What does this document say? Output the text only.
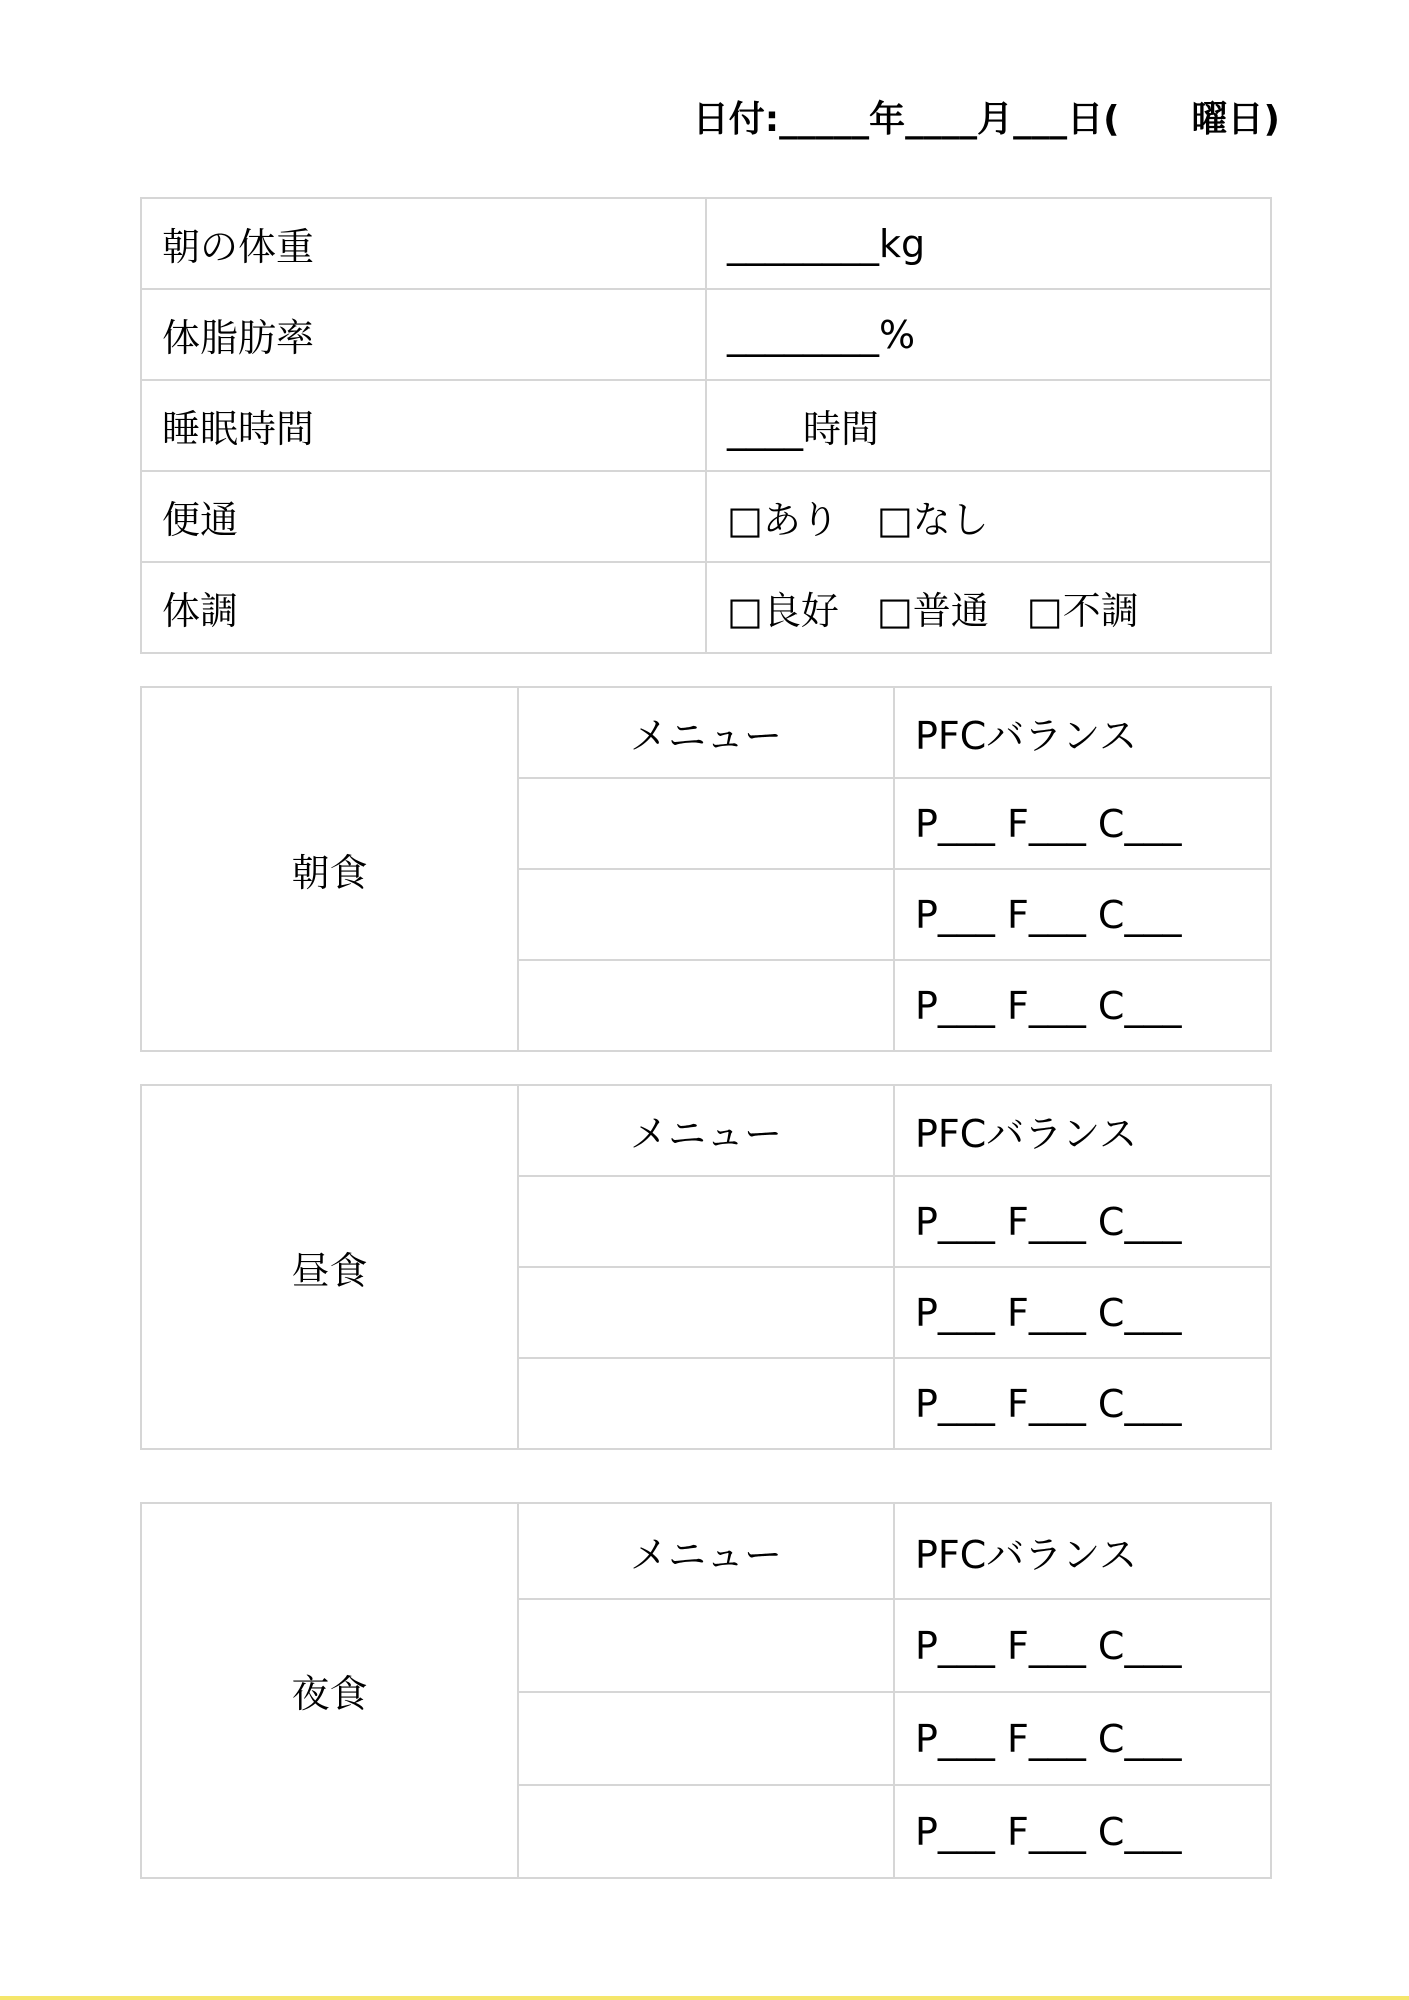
日付:_____年____月___日(　　曜日)
朝の体重	________kg
体脂肪率	________%
睡眠時間	____時間
便通	□あり　□なし
体調	□良好　□普通　□不調
朝食	メニュー	PFCバランス
		P___ F___ C___
		P___ F___ C___
		P___ F___ C___
昼食	メニュー	PFCバランス
		P___ F___ C___
		P___ F___ C___
		P___ F___ C___
夜食	メニュー	PFCバランス
		P___ F___ C___
		P___ F___ C___
		P___ F___ C___
